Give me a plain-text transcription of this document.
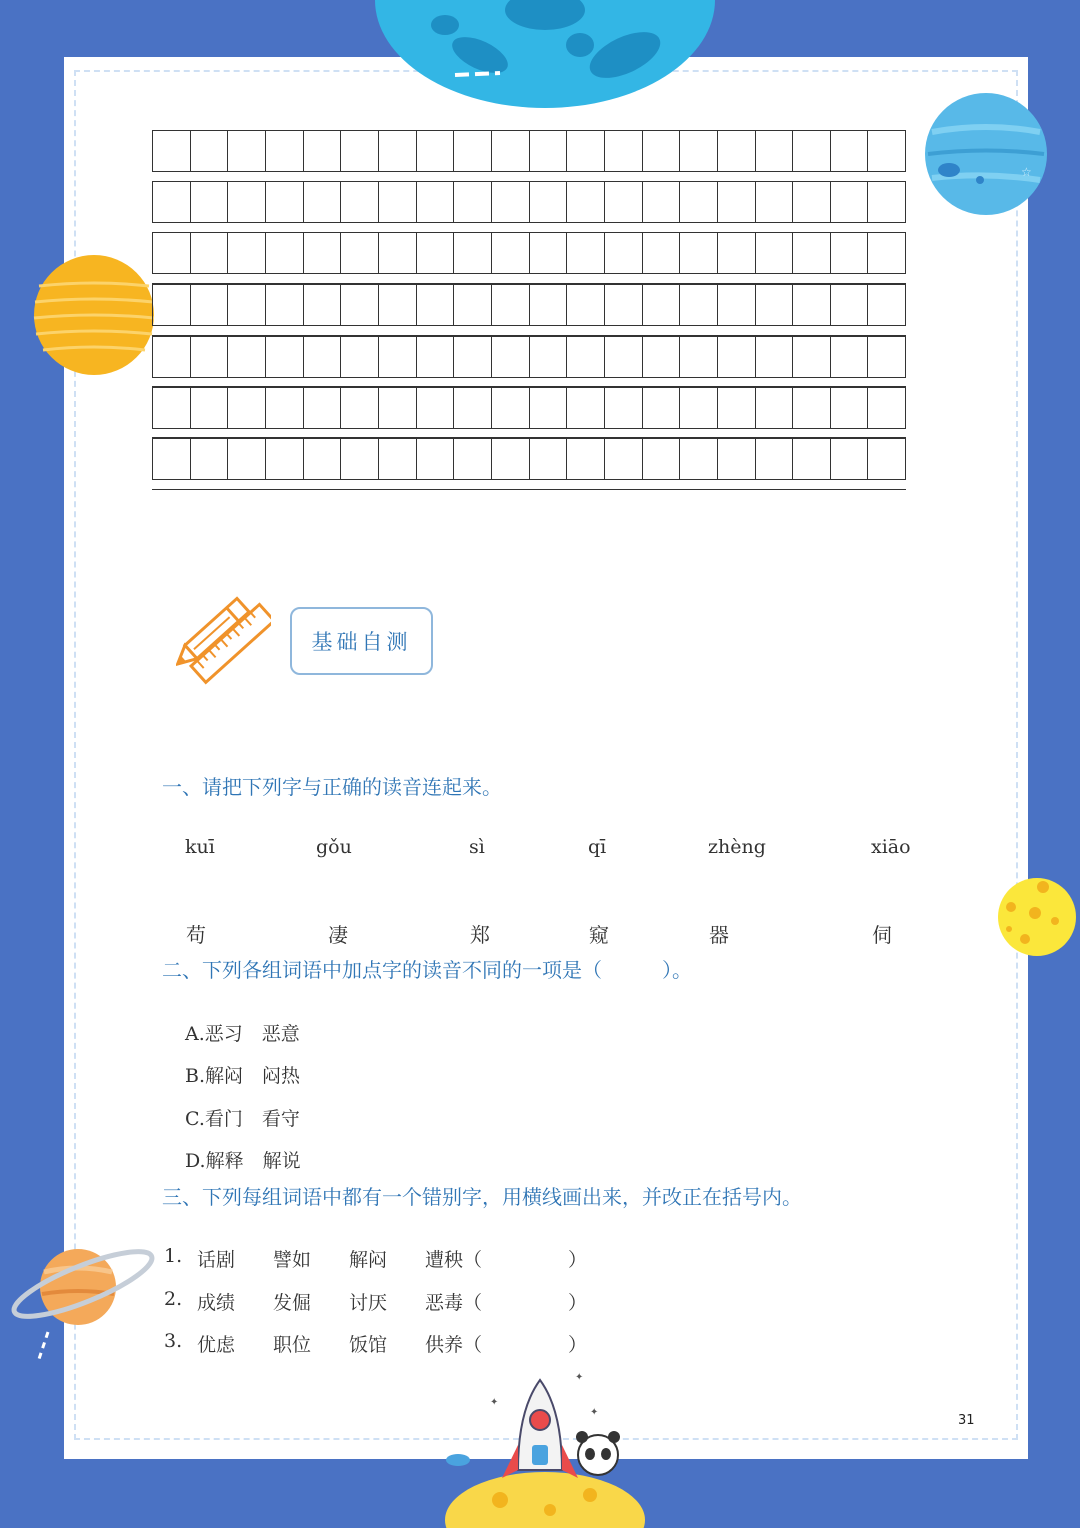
☆
✦
✦
✦
基础自测
一、请把下列字与正确的读音连起来。
kuī	gǒu	sì	qī	zhèng	xiāo
苟	凄	郑	窥	器	伺
二、下列各组词语中加点字的读音不同的一项是（　　　）。
A.恶习　恶意
B.解闷　闷热
C.看门　看守
D.解释　解说
三、下列每组词语中都有一个错别字，用横线画出来，并改正在括号内。
1. 话剧 譬如 解闷 遭秧（	）
2. 成绩 发倔 讨厌 恶毒（	）
3. 优虑 职位 饭馆 供养（	）
31
